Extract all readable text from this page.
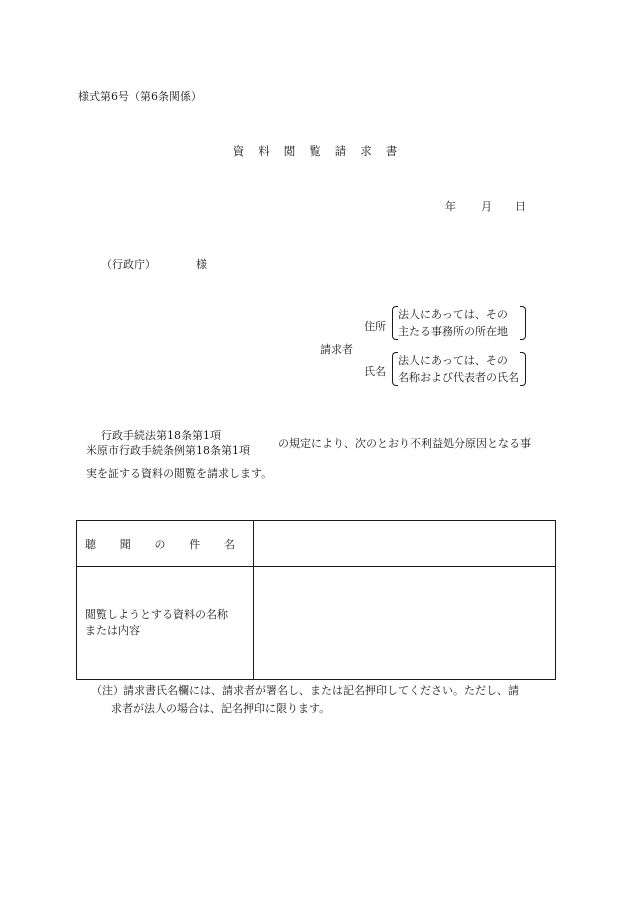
様式第6号（第6条関係）
資 料 閲 覧 請 求 書
年 月 日
（行政庁）	様
請求者
住所
法人にあっては、その
主たる事務所の所在地
氏名
法人にあっては、その
名称および代表者の氏名
行政手続法第18条第1項
米原市行政手続条例第18条第1項
の規定により、次のとおり不利益処分原因となる事
実を証する資料の閲覧を請求します。
聴 聞 の 件 名	

閲覧しようとする資料の名称
または内容	

（注） 請求書氏名欄には、請求者が署名し、または記名押印してください。ただし、請
求者が法人の場合は、記名押印に限ります。
